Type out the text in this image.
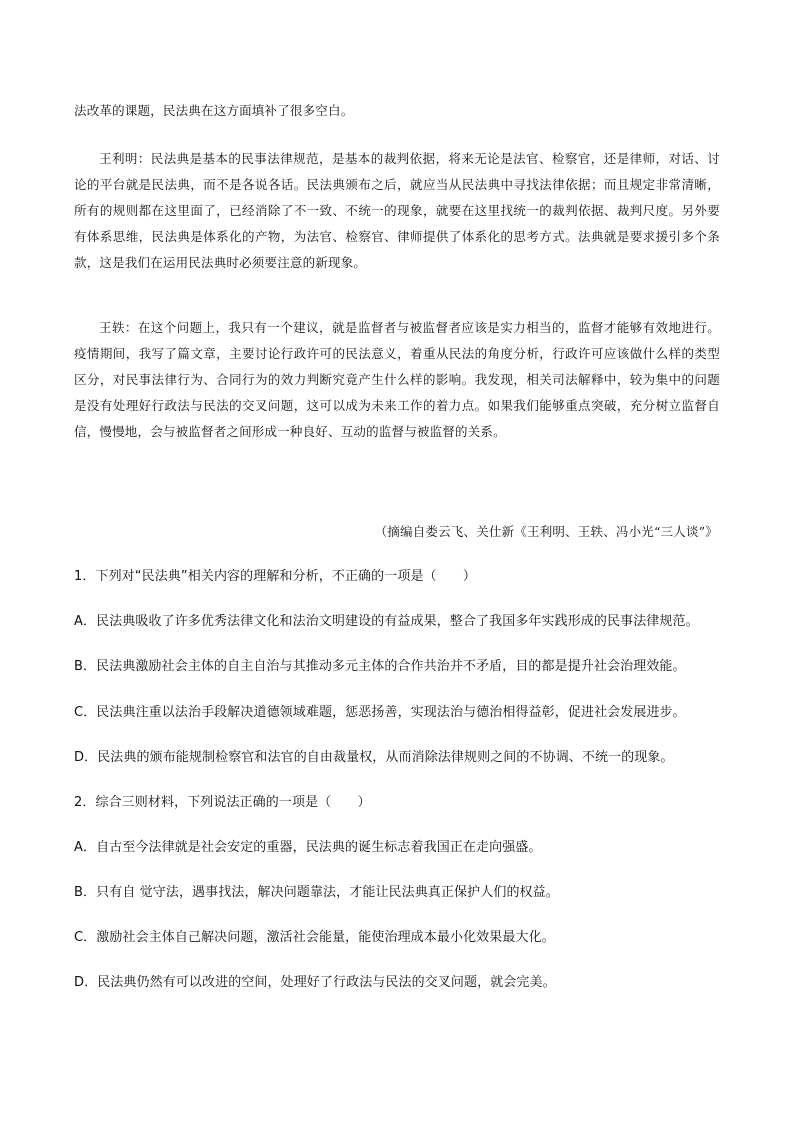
法改革的课题，民法典在这方面填补了很多空白。
王利明：民法典是基本的民事法律规范，是基本的裁判依据，将来无论是法官、检察官，还是律师，对话、讨论的平台就是民法典，而不是各说各话。民法典颁布之后，就应当从民法典中寻找法律依据；而且规定非常清晰，所有的规则都在这里面了，已经消除了不一致、不统一的现象，就要在这里找统一的裁判依据、裁判尺度。另外要有体系思维，民法典是体系化的产物，为法官、检察官、律师提供了体系化的思考方式。法典就是要求援引多个条款，这是我们在运用民法典时必须要注意的新现象。
王轶：在这个问题上，我只有一个建议，就是监督者与被监督者应该是实力相当的，监督才能够有效地进行。疫情期间，我写了篇文章，主要讨论行政许可的民法意义，着重从民法的角度分析，行政许可应该做什么样的类型区分，对民事法律行为、合同行为的效力判断究竟产生什么样的影响。我发现，相关司法解释中，较为集中的问题是没有处理好行政法与民法的交叉问题，这可以成为未来工作的着力点。如果我们能够重点突破，充分树立监督自信，慢慢地，会与被监督者之间形成一种良好、互动的监督与被监督的关系。
（摘编自娄云飞、关仕新《王利明、王轶、冯小光“三人谈”》
1．下列对“民法典”相关内容的理解和分析，不正确的一项是（　　）
A．民法典吸收了许多优秀法律文化和法治文明建设的有益成果，整合了我国多年实践形成的民事法律规范。
B．民法典激励社会主体的自主自治与其推动多元主体的合作共治并不矛盾，目的都是提升社会治理效能。
C．民法典注重以法治手段解决道德领域难题，惩恶扬善，实现法治与德治相得益彰，促进社会发展进步。
D．民法典的颁布能规制检察官和法官的自由裁量权，从而消除法律规则之间的不协调、不统一的现象。
2．综合三则材料，下列说法正确的一项是（　　）
A．自古至今法律就是社会安定的重器，民法典的诞生标志着我国正在走向强盛。
B．只有自 觉守法，遇事找法，解决问题靠法，才能让民法典真正保护人们的权益。
C．激励社会主体自己解决问题，激活社会能量，能使治理成本最小化效果最大化。
D．民法典仍然有可以改进的空间，处理好了行政法与民法的交叉问题，就会完美。
